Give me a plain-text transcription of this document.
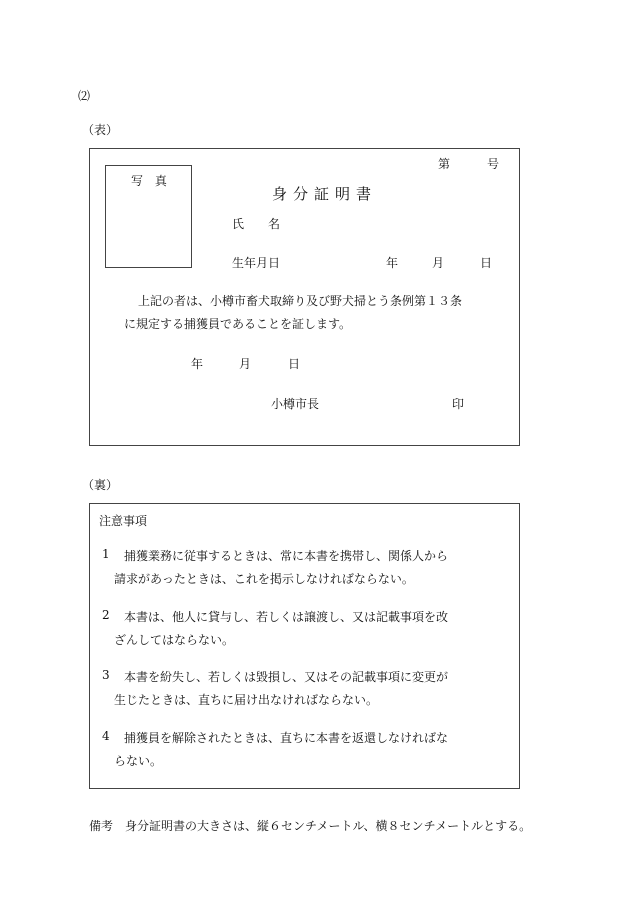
⑵
（表）
写 真
第	号
身分証明書
氏　　名
生年月日	年	月	日
上記の者は、小樽市畜犬取締り及び野犬掃とう条例第１３条
に規定する捕獲員であることを証します。
年	月	日
小樽市長	印
（裏）
注意事項
1 捕獲業務に従事するときは、常に本書を携帯し、関係人から
請求があったときは、これを掲示しなければならない。
2 本書は、他人に貸与し、若しくは譲渡し、又は記載事項を改
ざんしてはならない。
3 本書を紛失し、若しくは毀損し、又はその記載事項に変更が
生じたときは、直ちに届け出なければならない。
4 捕獲員を解除されたときは、直ちに本書を返還しなければな
らない。
備考　身分証明書の大きさは、縦６センチメートル、横８センチメートルとする。
